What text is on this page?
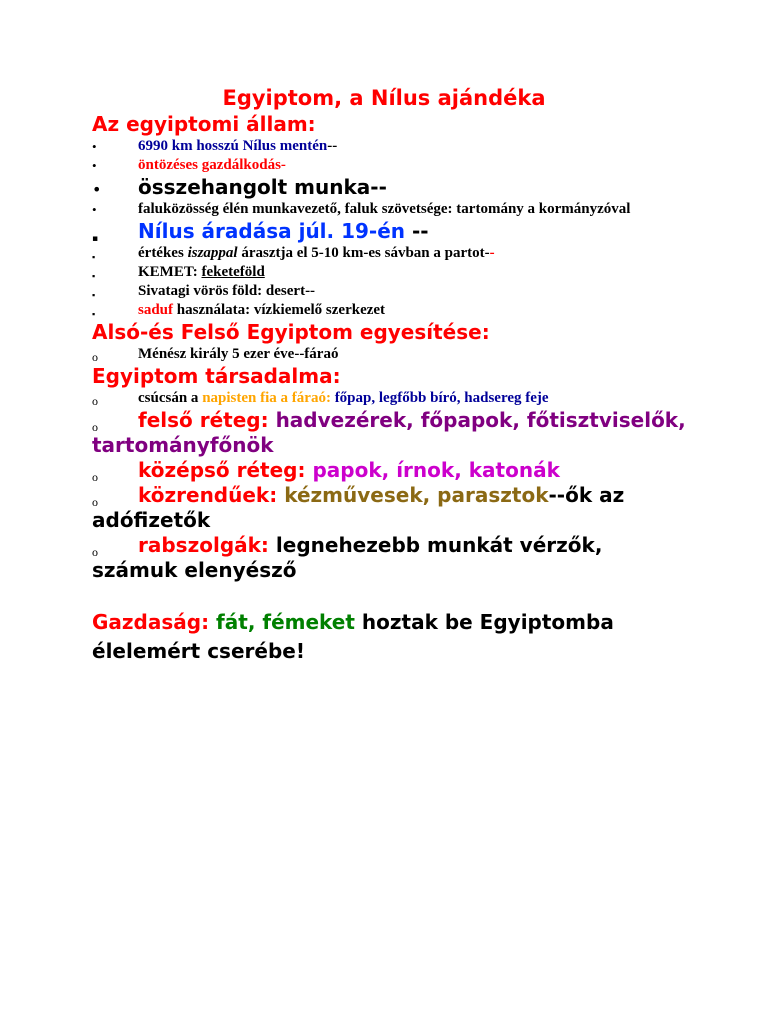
Egyiptom, a Nílus ajándéka
Az egyiptomi állam:
•	6990 km hosszú Nílus mentén--
•	öntözéses gazdálkodás-
• összehangolt munka--
•	faluközösség élén munkavezető, faluk szövetsége: tartomány a kormányzóval
▪ Nílus áradása júl. 19-én --
▪	értékes iszappal árasztja el 5-10 km-es sávban a partot--
▪	KEMET: feketeföld
▪	Sivatagi vörös föld: desert--
▪	saduf használata: vízkiemelő szerkezet
Alsó-és Felső Egyiptom egyesítése:
o	Ménész király 5 ezer éve--fáraó
Egyiptom társadalma:
o	csúcsán a napisten fia a fáraó: főpap, legfőbb bíró, hadsereg feje
o felső réteg: hadvezérek, főpapok, főtisztviselők, tartományfőnök
o középső réteg: papok, írnok, katonák
o közrendűek: kézművesek, parasztok--ők az adófizetők
o rabszolgák: legnehezebb munkát vérzők, számuk elenyésző
Gazdaság: fát, fémeket hoztak be Egyiptomba élelemért cserébe!
